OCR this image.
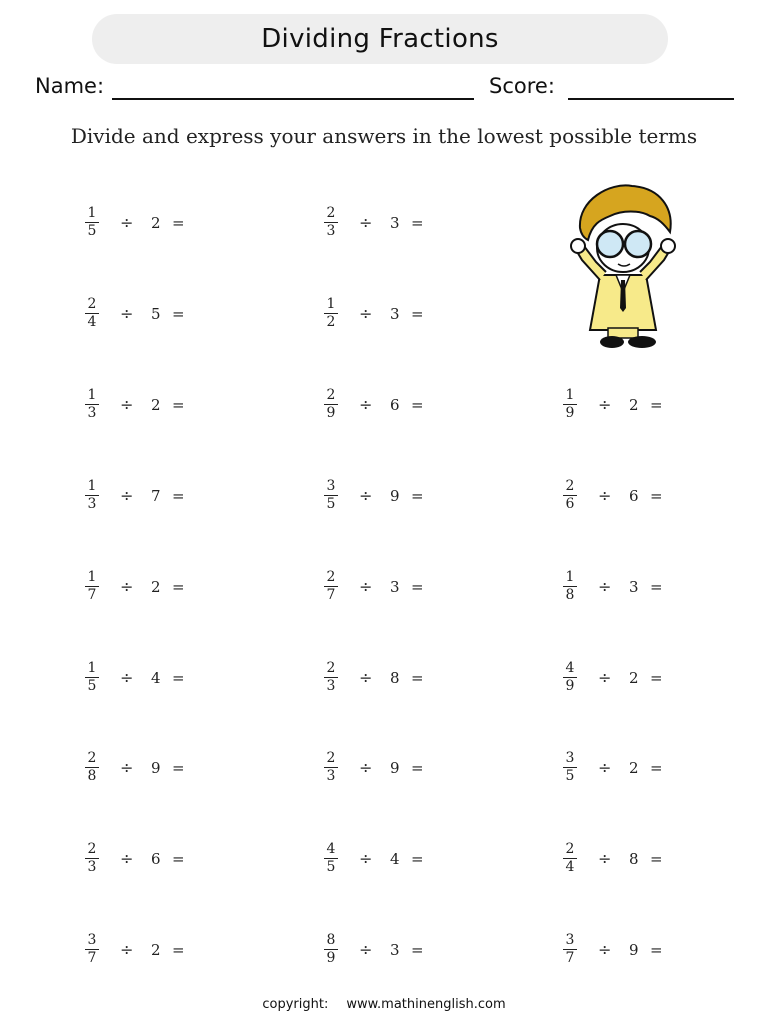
Dividing Fractions
Name:	Score:
Divide and express your answers in the lowest possible terms
1
5 ÷ 2 =
2
3 ÷ 3 =
2
4 ÷ 5 =
1
2 ÷ 3 =
1
3 ÷ 2 =
2
9 ÷ 6 =
1
9 ÷ 2 =
1
3 ÷ 7 =
3
5 ÷ 9 =
2
6 ÷ 6 =
1
7 ÷ 2 =
2
7 ÷ 3 =
1
8 ÷ 3 =
1
5 ÷ 4 =
2
3 ÷ 8 =
4
9 ÷ 2 =
2
8 ÷ 9 =
2
3 ÷ 9 =
3
5 ÷ 2 =
2
3 ÷ 6 =
4
5 ÷ 4 =
2
4 ÷ 8 =
3
7 ÷ 2 =
8
9 ÷ 3 =
3
7 ÷ 9 =
copyright: www.mathinenglish.com
